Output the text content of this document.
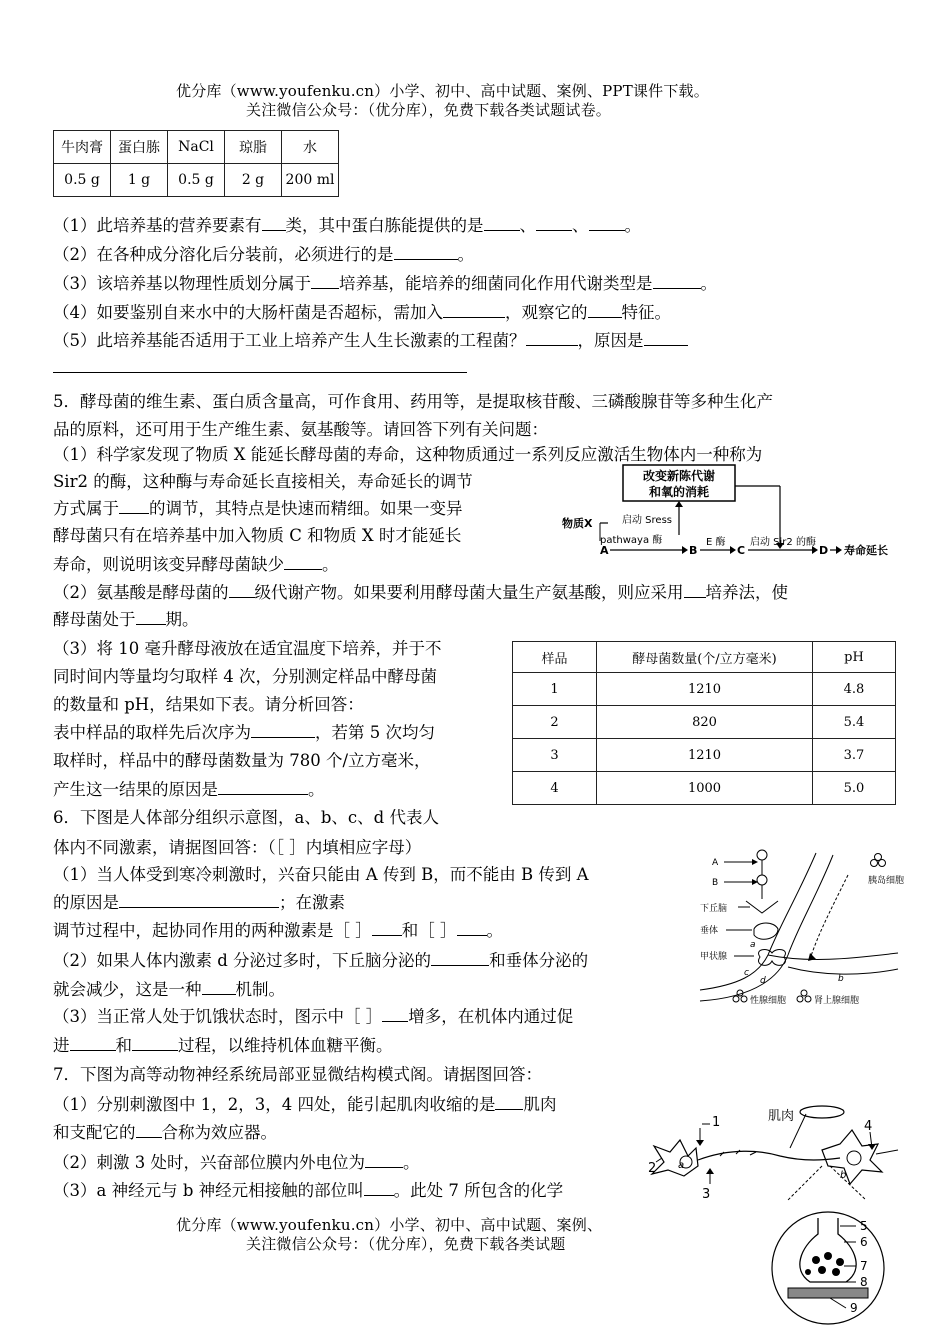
优分库（www.youfenku.cn）小学、初中、高中试题、案例、PPT课件下载。
关注微信公众号：（优分库），免费下载各类试题试卷。
牛肉膏	蛋白胨	NaCl	琼脂	水
0.5 g	1 g	0.5 g	2 g	200 ml
（1）此培养基的营养要素有 类，其中蛋白胨能提供的是 、 、 。
（2）在各种成分溶化后分装前，必须进行的是	。
（3）该培养基以物理性质划分属于 培养基，能培养的细菌同化作用代谢类型是	。
（4）如要鉴别自来水中的大肠杆菌是否超标，需加入	，观察它的 特征。
（5）此培养基能否适用于工业上培养产生人生长激素的工程菌？	，原因是
5．酵母菌的维生素、蛋白质含量高，可作食用、药用等，是提取核苷酸、三磷酸腺苷等多种生化产
品的原料，还可用于生产维生素、氨基酸等。请回答下列有关问题：
（1）科学家发现了物质 X 能延长酵母菌的寿命，这种物质通过一系列反应激活生物体内一种称为
Sir2 的酶，这种酶与寿命延长直接相关，寿命延长的调节
方式属于 的调节，其特点是快速而精细。如果一变异
酵母菌只有在培养基中加入物质 C 和物质 X 时才能延长
寿命，则说明该变异酵母菌缺少 。
（2）氨基酸是酵母菌的 级代谢产物。如果要利用酵母菌大量生产氨基酸，则应采用 培养法，使
酵母菌处于 期。
（3）将 10 毫升酵母液放在适宜温度下培养，并于不
同时间内等量均匀取样 4 次，分别测定样品中酵母菌
的数量和 pH，结果如下表。请分析回答：
表中样品的取样先后次序为	，若第 5 次均匀
取样时，样品中的酵母菌数量为 780 个/立方毫米，
产生这一结果的原因是	。
改变新陈代谢
和氧的消耗
物质X	启动 Sress
pathwaya 酶
A	B
E 酶
C
启动 Sir2 的酶
D 寿命延长
样品	酵母菌数量(个/立方毫米)	pH
1	1210	4.8
2	820	5.4
3	1210	3.7
4	1000	5.0
6．下图是人体部分组织示意图，a、b、c、d 代表人
体内不同激素，请据图回答：（［ ］内填相应字母）
（1）当人体受到寒冷刺激时，兴奋只能由 A 传到 B，而不能由 B 传到 A
的原因是	；在激素
调节过程中，起协同作用的两种激素是［ ］ 和［ ］ 。
（2）如果人体内激素 d 分泌过多时，下丘脑分泌的	和垂体分泌的
就会减少，这是一种 机制。
（3）当正常人处于饥饿状态时，图示中［ ］ 增多，在机体内通过促
进	和	过程，以维持机体血糖平衡。
A
B
下丘脑
垂体
甲状腺
a
b
c
d
胰岛细胞
性腺细胞	肾上腺细胞
7．下图为高等动物神经系统局部亚显微结构模式阁。请据图回答：
（1）分别刺激图中 1，2，3，4 四处，能引起肌肉收缩的是 肌肉
和支配它的 合称为效应器。
（2）刺激 3 处时，兴奋部位膜内外电位为 。
（3）a 神经元与 b 神经元相接触的部位叫 。此处 7 所包含的化学
a
1
2
3
肌肉
b
4
5
6
7
8
9
优分库（www.youfenku.cn）小学、初中、高中试题、案例、
关注微信公众号：（优分库），免费下载各类试题
